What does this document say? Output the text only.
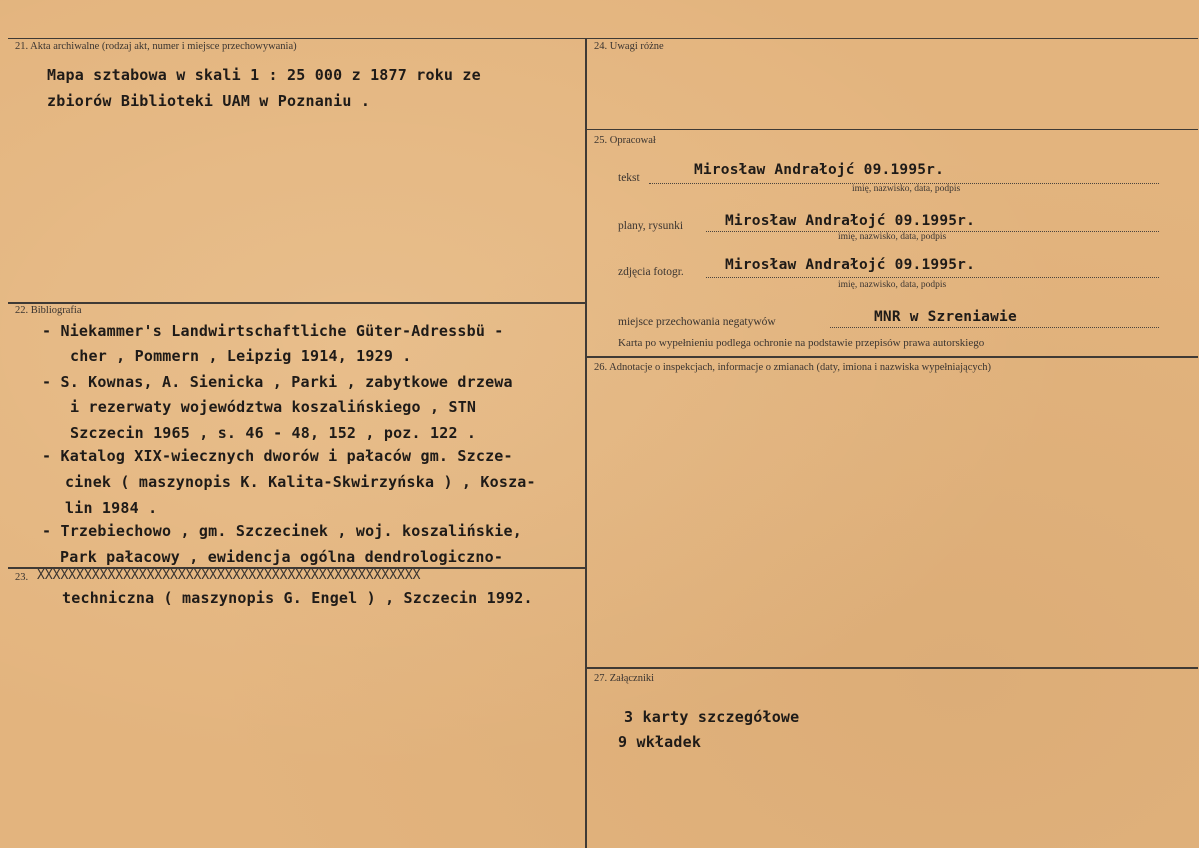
21. Akta archiwalne (rodzaj akt, numer i miejsce przechowywania)
Mapa sztabowa w skali 1 : 25 000 z 1877 roku ze
zbiorów Biblioteki UAM w Poznaniu .
22. Bibliografia
- Niekammer's Landwirtschaftliche Güter-Adressbü -
cher , Pommern , Leipzig 1914, 1929 .
- S. Kownas, A. Sienicka , Parki , zabytkowe drzewa
i rezerwaty województwa koszalińskiego , STN
Szczecin 1965 , s. 46 - 48, 152 , poz. 122 .
- Katalog XIX-wiecznych dworów i pałaców gm. Szcze-
cinek ( maszynopis K. Kalita-Skwirzyńska ) , Kosza-
lin 1984 .
- Trzebiechowo , gm. Szczecinek , woj. koszalińskie,
Park pałacowy , ewidencja ogólna dendrologiczno-
23. XXXXXXXXXXXXXXXXXXXXXXXXXXXXXXXXXXXXXXXXXXXXXXXXX
techniczna ( maszynopis G. Engel ) , Szczecin 1992.
24. Uwagi różne
25. Opracował
tekst	Mirosław Andrałojć 09.1995r.
imię, nazwisko, data, podpis
plany, rysunki	Mirosław Andrałojć 09.1995r.
imię, nazwisko, data, podpis
zdjęcia fotogr.	Mirosław Andrałojć 09.1995r.
imię, nazwisko, data, podpis
miejsce przechowania negatywów	MNR w Szreniawie
Karta po wypełnieniu podlega ochronie na podstawie przepisów prawa autorskiego
26. Adnotacje o inspekcjach, informacje o zmianach (daty, imiona i nazwiska wypełniających)
27. Załączniki
3 karty szczegółowe
9 wkładek
